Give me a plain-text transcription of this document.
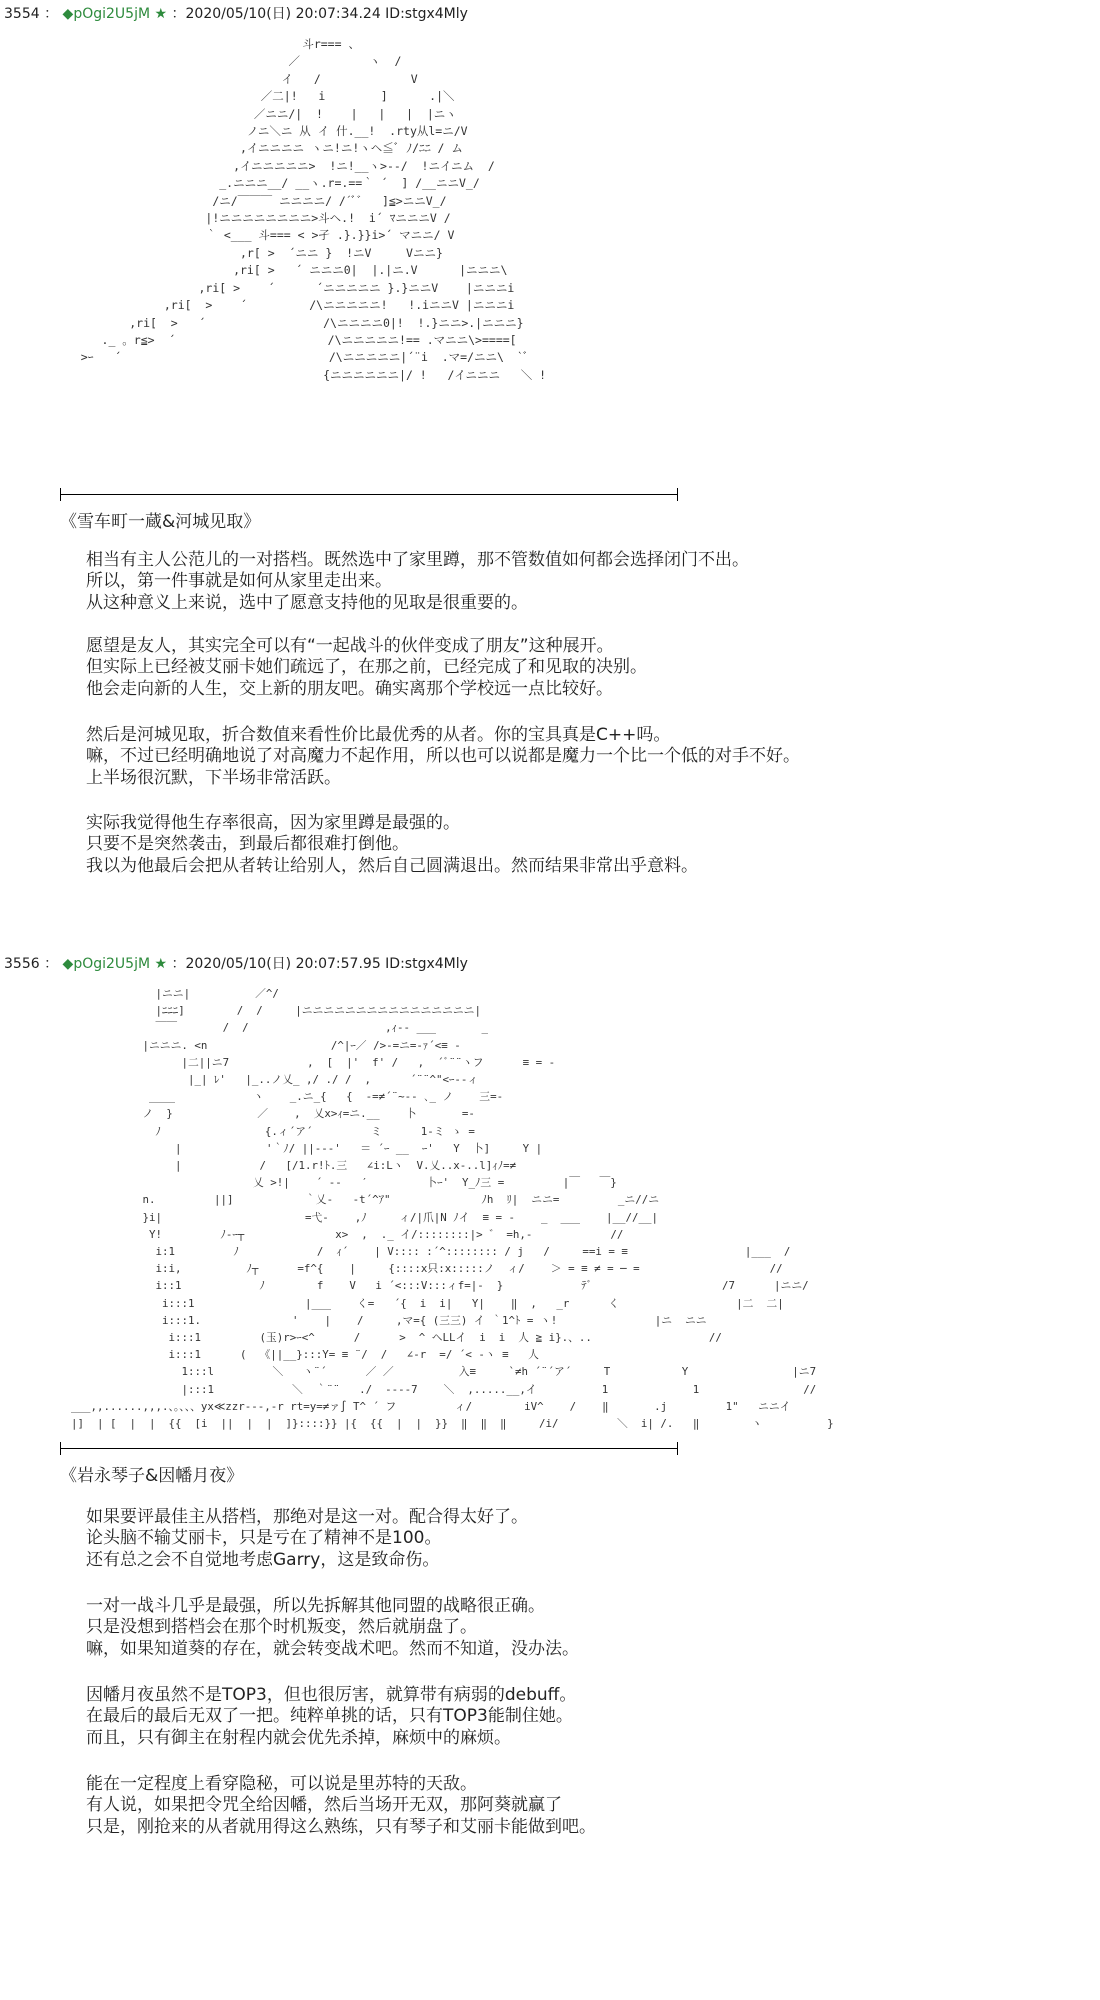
3554 ： ◆pOgi2U5jM ★ ：2020/05/10(日) 20:07:34.24 ID:stgx4Mly
斗r=== 、
／          ヽ  /
イ   /             V
／二|!   i        ]      .|＼
／ニニ/|  !    |   |   |  |ニヽ
ノニ＼ニ 从 イ 什.__!  .rty从l=ニ/V
,イニニニニ ヽニ!ニ!ヽヘ≦ﾞ ﾉ/ﾆﾆ / ム
,イニニニニニ>  !ニ!__ヽ>--/  !ニイニム  /
_.ニニニ__/ __ヽ.r=.==｀ ´  ] /__ニニV_/
/ニ/￣￣￣ ニニニニ/ /´ﾞ゛  ]≦>ニニV_/
|!ニニニニニニニニ>斗ヘ.!  i´ ﾏニニニV /
｀ <___ 斗=== < >孑 .}.}}i>´ マニニ/ V
,r[ >  ´ニニ }  !ニV     Vニニ}
,ri[ >   ´ ニニニ0|  |.|ニ.V      |ニニニ\
,ri[ >    ´      ´ニニニニニ }.}ニニV    |ニニニi
,ri[  >    ´         /\ニニニニニ!   !.iニニV |ニニニi
,ri[  >   ´                 /\ニニニニ0|!  !.}ニニ>.|ニニニ}
._ 。r≦>  ´                      /\ニニニニニ!== .マニニ\>====[
>ｰ   ´                              /\ニニニニニ|´¨i  .マ=/ニニ\  `ﾞ
{ニニニニニニ|/ !   /イニニニ   ＼ !
《雪车町一蔵&河城见取》
相当有主人公范儿的一对搭档。既然选中了家里蹲，那不管数值如何都会选择闭门不出。
所以，第一件事就是如何从家里走出来。
从这种意义上来说，选中了愿意支持他的见取是很重要的。
愿望是友人，其实完全可以有“一起战斗的伙伴变成了朋友”这种展开。
但实际上已经被艾丽卡她们疏远了，在那之前，已经完成了和见取的决别。
他会走向新的人生，交上新的朋友吧。确实离那个学校远一点比较好。
然后是河城见取，折合数值来看性价比最优秀的从者。你的宝具真是C++吗。
嘛，不过已经明确地说了对高魔力不起作用，所以也可以说都是魔力一个比一个低的对手不好。
上半场很沉默，下半场非常活跃。
实际我觉得他生存率很高，因为家里蹲是最强的。
只要不是突然袭击，到最后都很难打倒他。
我以为他最后会把从者转让给别人，然后自己圆满退出。然而结果非常出乎意料。
3556 ： ◆pOgi2U5jM ★ ：2020/05/10(日) 20:07:57.95 ID:stgx4Mly
|ニニ|          ／^/
|ﾆﾆﾆ]        /  /     |ニニニニニニニニニニニニニニニニ|
￣￣       /  /                     ,ｨ-- ___       _
|ニニニ. <n                   /^|ｰ／ />-=ニ=-ｧ´<≡ -
|二||ニ7            ,  [  |'  f' /   ,  ´ﾞ¨¨ヽフ      ≡ = -
|_| ﾚ'   |_..ノ乂_ ,/ ./ /  ,      ´¨¨^"<ｰ--ィ
____            ヽ    _.ニ_{   {  -=≠´¨~-- ､_ ノ    三=-
ノ  }             ／    ,  乂x>ｨ=ニ.__    卜       =-
ﾉ                {.ィ´ア´         ミ      1-ミ ゝ =
|             '｀ﾉ/ ||---'   ＝ ´ｰ __  ｰ'   Y  卜]     Y |
|            /   [/1.r!ﾄ.三   ∠i:Lヽ  V.乂..x-..l]ｨﾉ=≠
乂 >!|    ´ ‐‐   ′         卜ｰ'  Y_ﾉ三 =         |￣   ￣}
n.         ||]           ｀乂-   -t´^ｱ"              ﾉh  ﾘ|  ニニ=         _ニ//ニ
}i|                      =弋-    ,ﾉ     ィ/|爪|N ﾉイ  ≡ = -    _  ___    |__//__|
Y!         ﾉ-ｰ┬              x>  ,  ._ イ/::::::::|> ゛ =h,-            //
i:1         ﾉ            /  ｨ´    | V:::: :´^:::::::: / j   /     ==i = ≡                  |___  /
i:i,          ﾉ┬      =f^{    |     {::::x只:x:::::ノ  ィ/    ＞ = ≡ ≠ = ─ =                    //
i::1            ﾉ        f    V   i ´<:::V:::ィf=|-  }            ﾃﾞ                    /7      |ニニ/
i:::1                 |___    く=   ´{  i  i|   Y|    ‖  ,   _r      く                  |二  二|
i:::1.              '    |    /     ,マ={ (三三) イ ｀1^ﾄ = ヽ!               |ニ  ニニ
i:::1         (玉)r>ｰ<^      /      >  ^ ヘLLイ  i  i  人 ≧ i}.、..                  //
i:::1      (  《||__}:::Y= ≡ ¨/  /   ∠-r  =/ ´< -ヽ ≡   人
1:::l         ＼   ヽ¨´      ／ ／          入≡     `≠h ´¨´ア´     T           Y                |ニ7
|:::1            ＼  ｀¨¨   ./  ----7    ＼  ,.....__,イ          1             1                //
___,,......,,,.、。、、、yx≪zzr---,-r rt=y=≠ァ∫ T^ ´ フ         ィ/        iV^    /    ‖       .j         1"   ニニイ
|]  | [  |  |  {{  [i  ||  |  |  ]}::::}} |{  {{  |  |  }}  ‖  ‖  ‖     /i/         ＼  i| /.   ‖        ヽ          }
《岩永琴子&因幡月夜》
如果要评最佳主从搭档，那绝对是这一对。配合得太好了。
论头脑不输艾丽卡，只是亏在了精神不是100。
还有总之会不自觉地考虑Garry，这是致命伤。
一对一战斗几乎是最强，所以先拆解其他同盟的战略很正确。
只是没想到搭档会在那个时机叛变，然后就崩盘了。
嘛，如果知道葵的存在，就会转变战术吧。然而不知道，没办法。
因幡月夜虽然不是TOP3，但也很厉害，就算带有病弱的debuff。
在最后的最后无双了一把。纯粹单挑的话，只有TOP3能制住她。
而且，只有御主在射程内就会优先杀掉，麻烦中的麻烦。
能在一定程度上看穿隐秘，可以说是里苏特的天敌。
有人说，如果把令咒全给因幡，然后当场开无双，那阿葵就赢了
只是，刚抢来的从者就用得这么熟练，只有琴子和艾丽卡能做到吧。
